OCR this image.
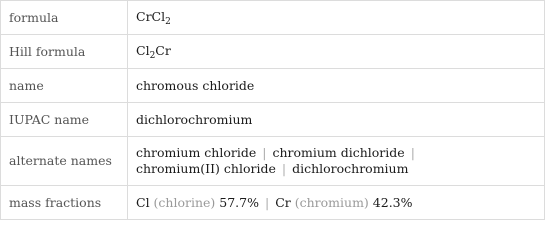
formula	CrCl$_2$
Hill formula	$Cl_2Cr$
name	chromous chloride
IUPAC name	dichlorochromium
alternate names	chromium chloride | chromium dichloride |
chromium(II) chloride | dichlorochromium
mass fractions	Cl (chlorine) 57.7% | Cr (chromium) 42.3%
